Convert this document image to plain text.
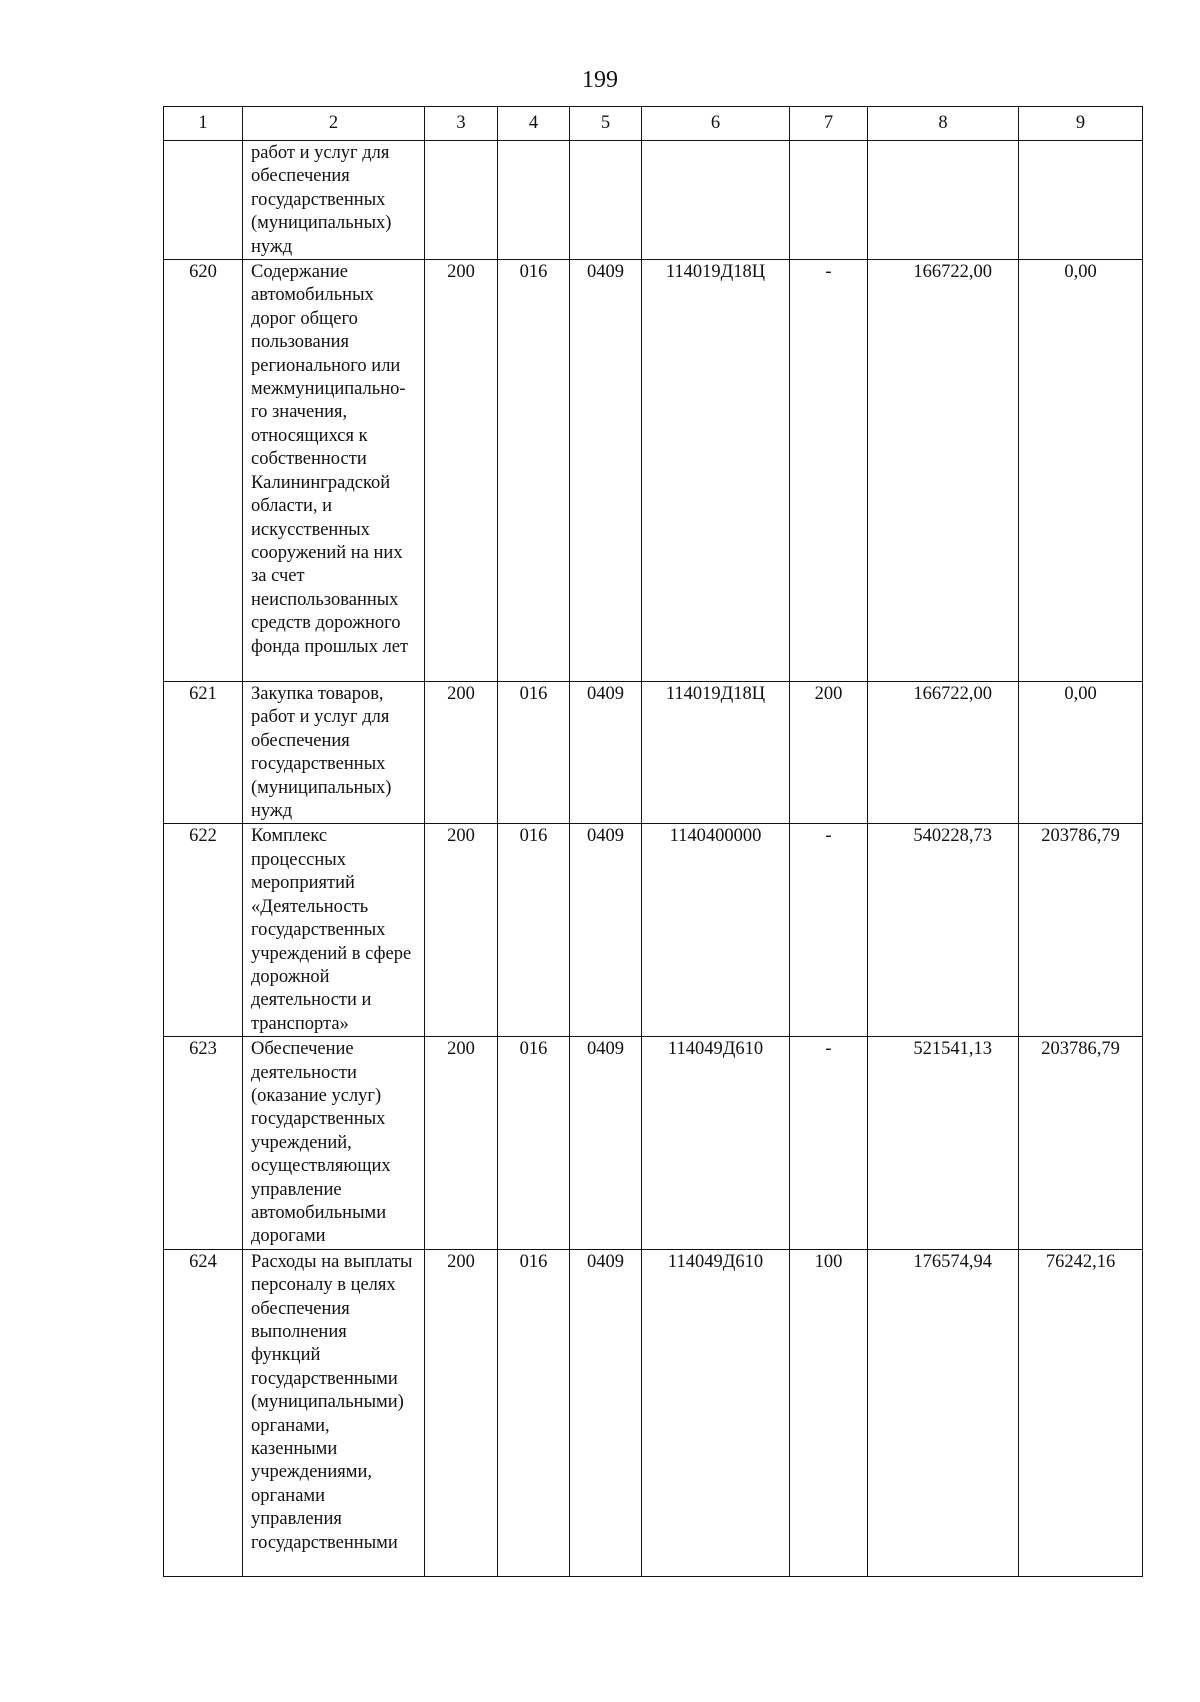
199
1	2	3	4	5	6	7	8	9
	работ и услуг для обеспечения государственных (муниципальных) нужд							
620	Содержание автомобильных дорог общего пользования регионального или межмуниципально-го значения, относящихся к собственности Калининградской области, и искусственных сооружений на них за счет неиспользованных средств дорожного фонда прошлых лет	200	016	0409	114019Д18Ц	-	166722,00	0,00
621	Закупка товаров, работ и услуг для обеспечения государственных (муниципальных) нужд	200	016	0409	114019Д18Ц	200	166722,00	0,00
622	Комплекс процессных мероприятий «Деятельность государственных учреждений в сфере дорожной деятельности и транспорта»	200	016	0409	1140400000	-	540228,73	203786,79
623	Обеспечение деятельности (оказание услуг) государственных учреждений, осуществляющих управление автомобильными дорогами	200	016	0409	114049Д610	-	521541,13	203786,79
624	Расходы на выплаты персоналу в целях обеспечения выполнения функций государственными (муниципальными) органами, казенными учреждениями, органами управления государственными	200	016	0409	114049Д610	100	176574,94	76242,16
